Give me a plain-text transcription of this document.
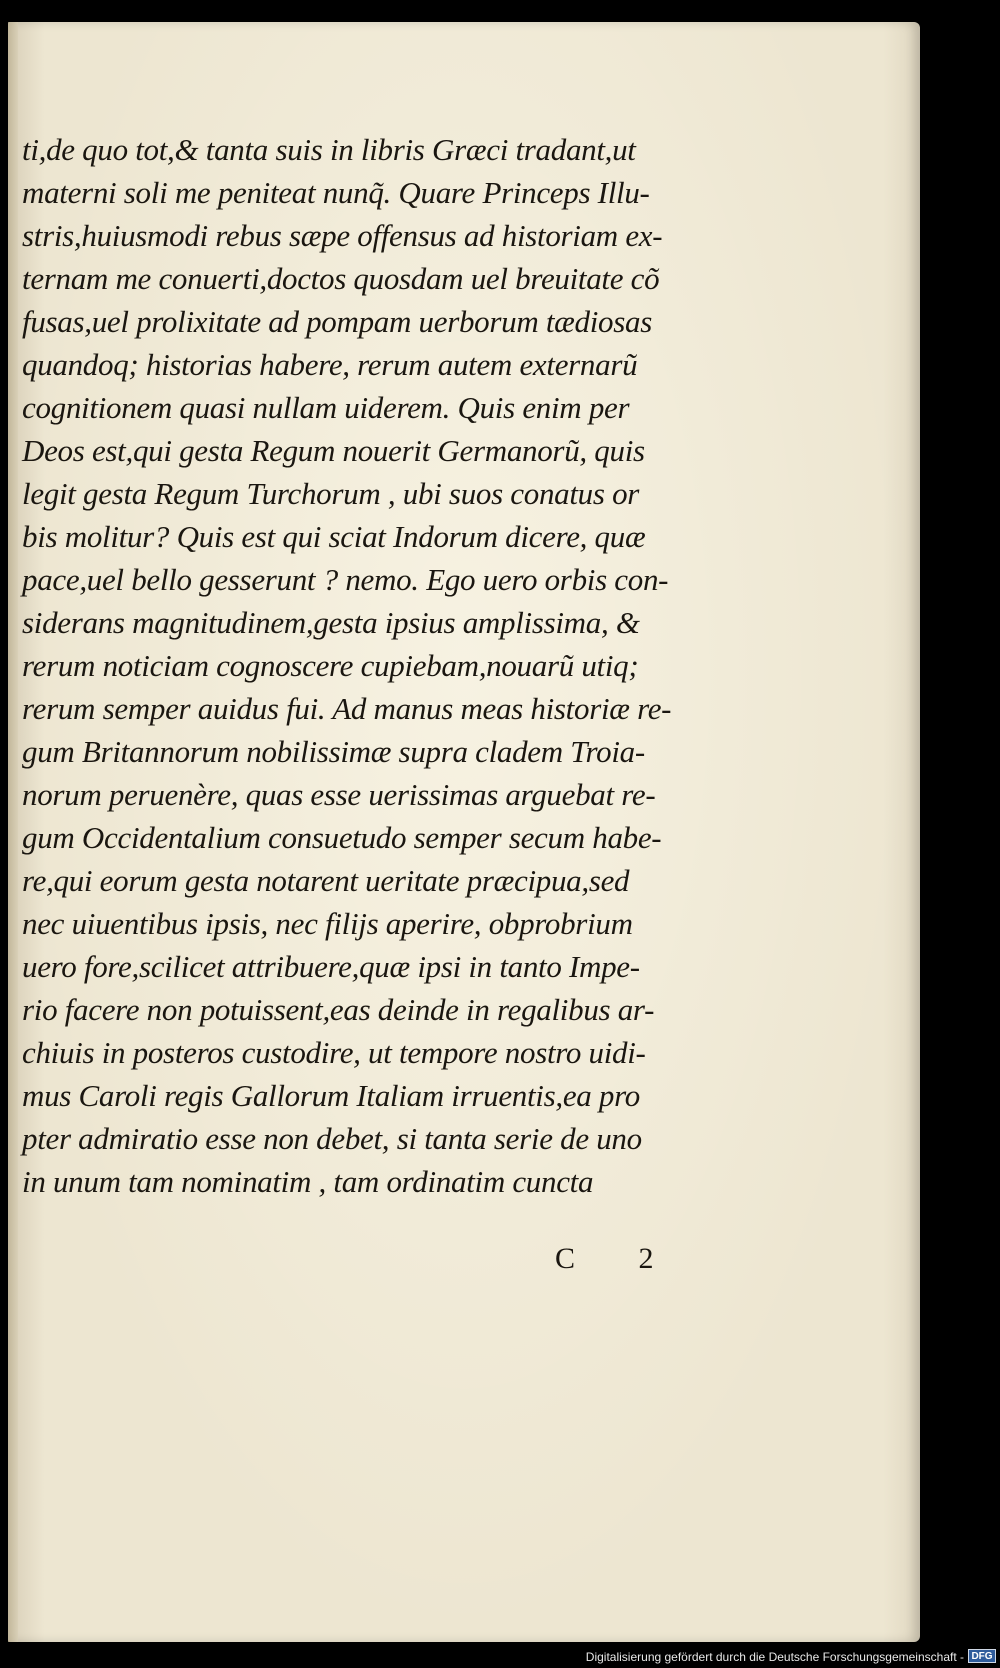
ti,de quo tot,& tanta suis in libris Græci tradant,ut
materni soli me peniteat nunq̃. Quare Princeps Illu-
stris,huiusmodi rebus sæpe offensus ad historiam ex-
ternam me conuerti,doctos quosdam uel breuitate cõ
fusas,uel prolixitate ad pompam uerborum tædiosas
quandoq; historias habere, rerum autem externarũ
cognitionem quasi nullam uiderem. Quis enim per
Deos est,qui gesta Regum nouerit Germanorũ, quis
legit gesta Regum Turchorum , ubi suos conatus or
bis molitur? Quis est qui sciat Indorum dicere, quæ
pace,uel bello gesserunt ? nemo. Ego uero orbis con-
siderans magnitudinem,gesta ipsius amplissima, &
rerum noticiam cognoscere cupiebam,nouarũ utiq;
rerum semper auidus fui. Ad manus meas historiæ re-
gum Britannorum nobilissimæ supra cladem Troia-
norum peruenère, quas esse uerissimas arguebat re-
gum Occidentalium consuetudo semper secum habe-
re,qui eorum gesta notarent ueritate præcipua,sed
nec uiuentibus ipsis, nec filijs aperire, obprobrium
uero fore,scilicet attribuere,quæ ipsi in tanto Impe-
rio facere non potuissent,eas deinde in regalibus ar-
chiuis in posteros custodire, ut tempore nostro uidi-
mus Caroli regis Gallorum Italiam irruentis,ea pro
pter admiratio esse non debet, si tanta serie de uno
in unum tam nominatim , tam ordinatim cuncta
C 2
Digitalisierung gefördert durch die Deutsche Forschungsgemeinschaft - DFG
